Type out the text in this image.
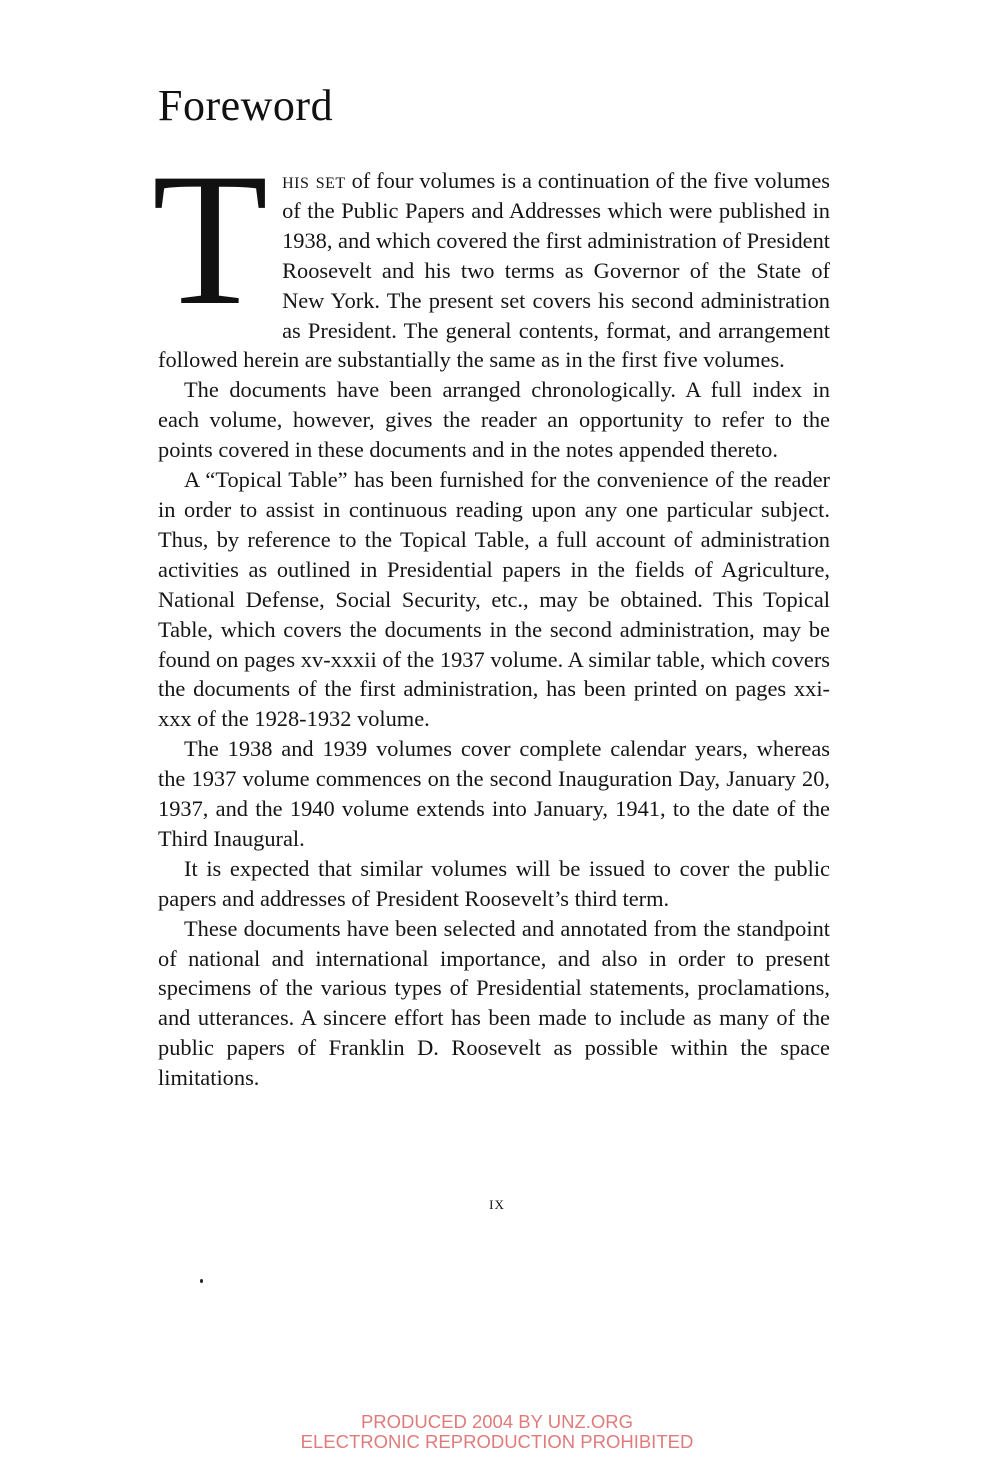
Foreword

This set of four volumes is a continuation of the five volumes of the Public Papers and Addresses which were published in 1938, and which covered the first administration of President Roosevelt and his two terms as Governor of the State of New York. The present set covers his second administration as President. The general contents, format, and arrangement followed herein are substantially the same as in the first five volumes.

The documents have been arranged chronologically. A full index in each volume, however, gives the reader an opportunity to refer to the points covered in these documents and in the notes appended thereto.

A “Topical Table” has been furnished for the convenience of the reader in order to assist in continuous reading upon any one particular subject. Thus, by reference to the Topical Table, a full account of administration activities as outlined in Presidential papers in the fields of Agriculture, National Defense, Social Security, etc., may be obtained. This Topical Table, which covers the documents in the second administration, may be found on pages xv-xxxii of the 1937 volume. A similar table, which covers the documents of the first administration, has been printed on pages xxi-xxx of the 1928-1932 volume.

The 1938 and 1939 volumes cover complete calendar years, whereas the 1937 volume commences on the second Inauguration Day, January 20, 1937, and the 1940 volume extends into January, 1941, to the date of the Third Inaugural.

It is expected that similar volumes will be issued to cover the public papers and addresses of President Roosevelt’s third term.

These documents have been selected and annotated from the standpoint of national and international importance, and also in order to present specimens of the various types of Presidential statements, proclamations, and utterances. A sincere effort has been made to include as many of the public papers of Franklin D. Roosevelt as possible within the space limitations.

ix
PRODUCED 2004 BY UNZ.ORG
ELECTRONIC REPRODUCTION PROHIBITED
